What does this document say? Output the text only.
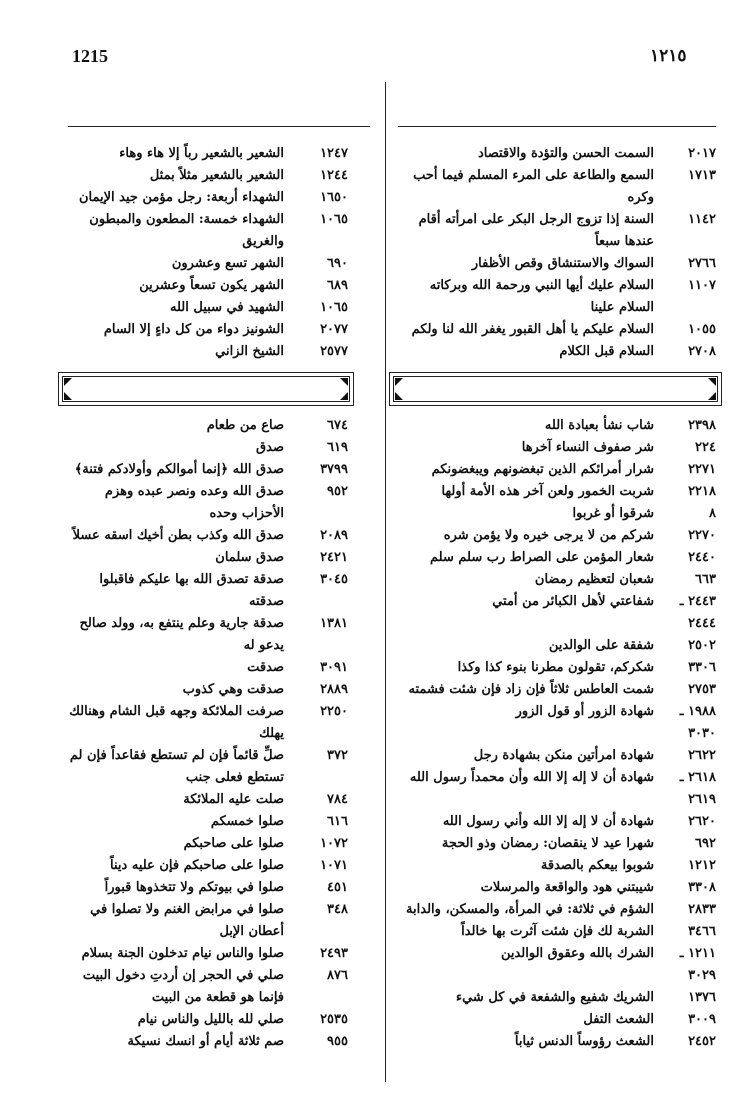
1215	١٢١٥
٢٠١٧
السمت الحسن والتؤدة والاقتصاد
١٧١٣
السمع والطاعة على المرء المسلم فيما أحب وكره
١١٤٢
السنة إذا تزوج الرجل البكر على امرأته أقام عندها سبعاً
٢٧٦٦
السواك والاستنشاق وقص الأظفار
١١٠٧
السلام عليك أيها النبي ورحمة الله وبركاته السلام علينا
١٠٥٥
السلام عليكم يا أهل القبور يغفر الله لنا ولكم
٢٧٠٨
السلام قبل الكلام
٢٣٩٨
شاب نشأ بعبادة الله
٢٢٤
شر صفوف النساء آخرها
٢٢٧١
شرار أمرائكم الذين تبغضونهم ويبغضونكم
٢٢١٨
شربت الخمور ولعن آخر هذه الأمة أولها
٨
شرقوا أو غربوا
٢٢٧٠
شركم من لا يرجى خيره ولا يؤمن شره
٢٤٤٠
شعار المؤمن على الصراط رب سلم سلم
٦٦٣
شعبان لتعظيم رمضان
٢٤٤٣ ـ ٢٤٤٤
شفاعتي لأهل الكبائر من أمتي
٢٥٠٢
شفقة على الوالدين
٣٣٠٦
شكركم، تقولون مطرنا بنوء كذا وكذا
٢٧٥٣
شمت العاطس ثلاثاً فإن زاد فإن شئت فشمته
١٩٨٨ ـ ٣٠٣٠
شهادة الزور أو قول الزور
٢٦٢٢
شهادة امرأتين منكن بشهادة رجل
٢٦١٨ ـ ٢٦١٩
شهادة أن لا إله إلا الله وأن محمداً رسول الله
٢٦٢٠
شهادة أن لا إله إلا الله وأني رسول الله
٦٩٢
شهرا عيد لا ينقصان: رمضان وذو الحجة
١٢١٢
شوبوا بيعكم بالصدقة
٣٣٠٨
شيبتني هود والواقعة والمرسلات
٢٨٣٣
الشؤم في ثلاثة: في المرأة، والمسكن، والدابة
٣٤٦٦
الشربة لك فإن شئت آثرت بها خالداً
١٢١١ ـ ٣٠٢٩
الشرك بالله وعقوق الوالدين
١٣٧٦
الشريك شفيع والشفعة في كل شيء
٣٠٠٩
الشعث التفل
٢٤٥٢
الشعث رؤوساً الدنس ثياباً
١٢٤٧
الشعير بالشعير رباً إلا هاء وهاء
١٢٤٤
الشعير بالشعير مثلاً بمثل
١٦٥٠
الشهداء أربعة: رجل مؤمن جيد الإيمان
١٠٦٥
الشهداء خمسة: المطعون والمبطون والغريق
٦٩٠
الشهر تسع وعشرون
٦٨٩
الشهر يكون تسعاً وعشرين
١٠٦٥
الشهيد في سبيل الله
٢٠٧٧
الشونيز دواء من كل داءٍ إلا السام
٢٥٧٧
الشيخ الزاني
٦٧٤
صاع من طعام
٦١٩
صدق
٣٧٩٩
صدق الله ﴿إنما أموالكم وأولادكم فتنة﴾
٩٥٢
صدق الله وعده ونصر عبده وهزم الأحزاب وحده
٢٠٨٩
صدق الله وكذب بطن أخيك اسقه عسلاً
٢٤٢١
صدق سلمان
٣٠٤٥
صدقة تصدق الله بها عليكم فاقبلوا صدقته
١٣٨١
صدقة جارية وعلم ينتفع به، وولد صالح يدعو له
٣٠٩١
صدقت
٢٨٨٩
صدقت وهي كذوب
٢٢٥٠
صرفت الملائكة وجهه قبل الشام وهنالك يهلك
٣٧٢
صلِّ قائماً فإن لم تستطع فقاعداً فإن لم تستطع فعلى جنب
٧٨٤
صلت عليه الملائكة
٦١٦
صلوا خمسكم
١٠٧٢
صلوا على صاحبكم
١٠٧١
صلوا على صاحبكم فإن عليه ديناً
٤٥١
صلوا في بيوتكم ولا تتخذوها قبوراً
٣٤٨
صلوا في مرابض الغنم ولا تصلوا في أعطان الإبل
٢٤٩٣
صلوا والناس نيام تدخلون الجنة بسلام
٨٧٦
صلي في الحجر إن أردتِ دخول البيت فإنما هو قطعة من البيت
٢٥٣٥
صلي لله بالليل والناس نيام
٩٥٥
صم ثلاثة أيام أو انسك نسيكة
